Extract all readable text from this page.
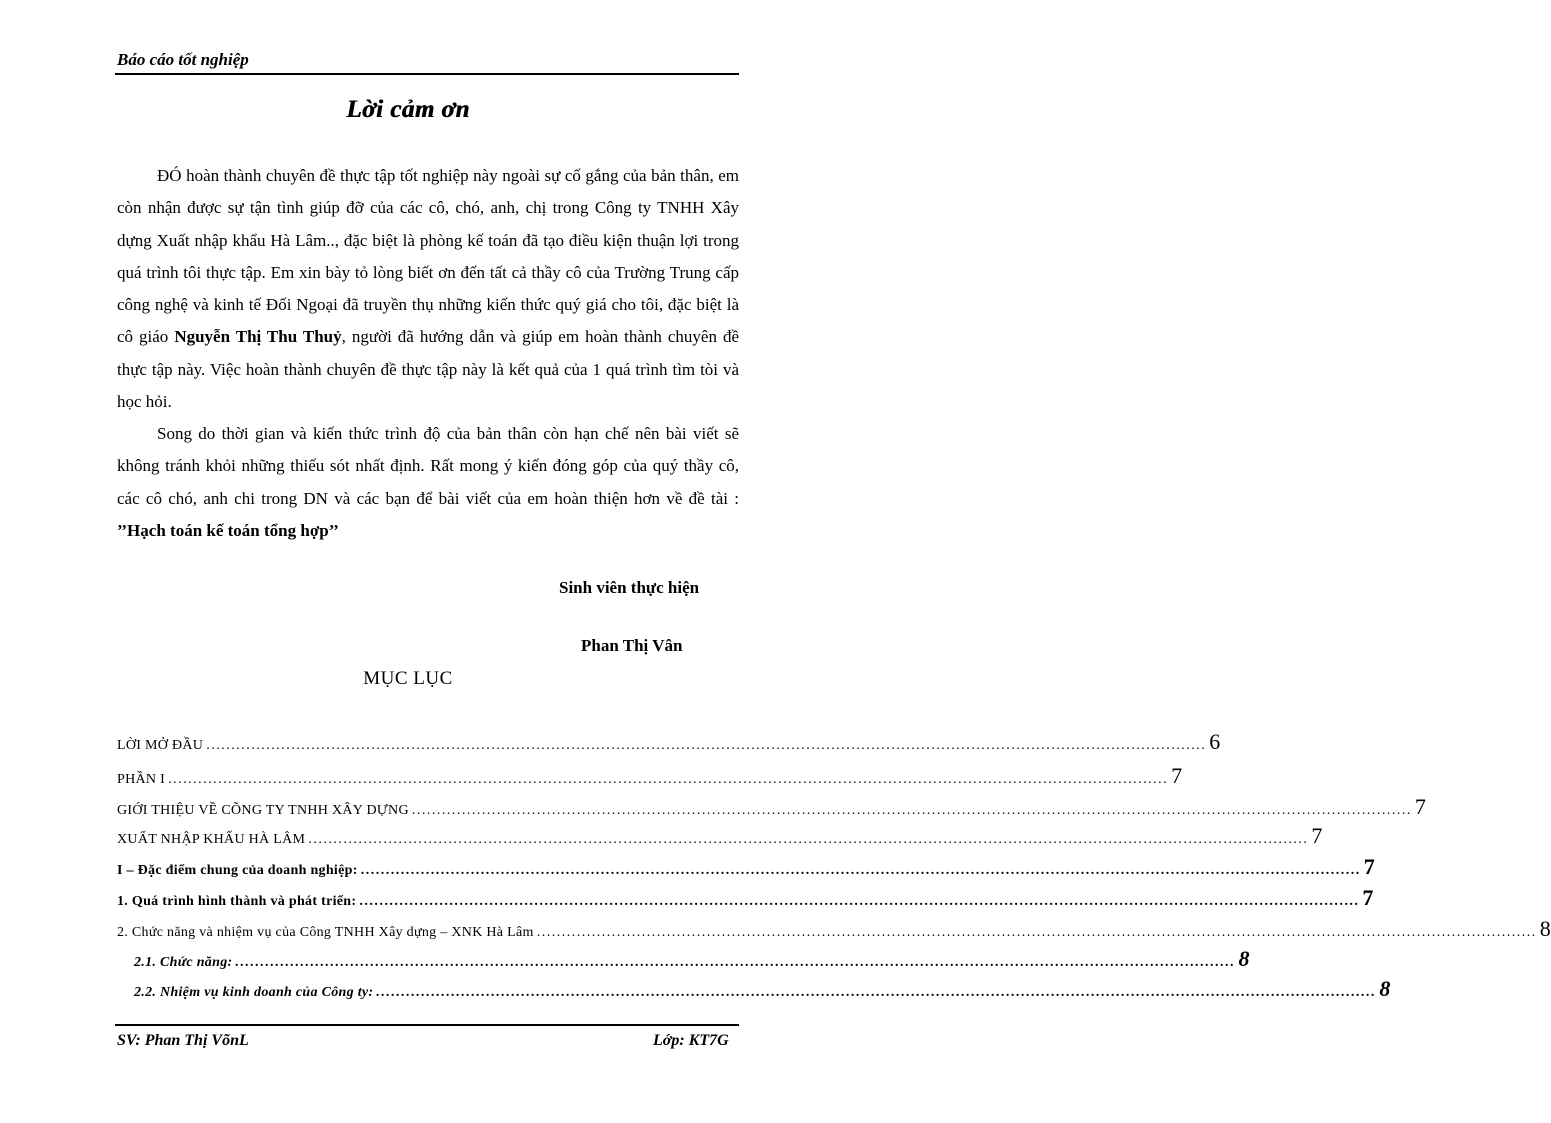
Báo cáo tốt nghiệp
Lời cảm ơn
ĐÓ hoàn thành chuyên đề thực tập tốt nghiệp này ngoài sự cố gắng của bản thân, em còn nhận được sự tận tình giúp đỡ của các cô, chó, anh, chị trong Công ty TNHH Xây dựng Xuất nhập khẩu Hà Lâm.., đặc biệt là phòng kế toán đã tạo điều kiện thuận lợi trong quá trình tôi thực tập. Em xin bày tỏ lòng biết ơn đến tất cả thầy cô của Trường Trung cấp công nghệ và kinh tế Đối Ngoại đã truyền thụ những kiến thức quý giá cho tôi, đặc biệt là cô giáo Nguyễn Thị Thu Thuỷ, người đã hướng dẫn và giúp em hoàn thành chuyên đề thực tập này. Việc hoàn thành chuyên đề thực tập này là kết quả của 1 quá trình tìm tòi và học hỏi.
Song do thời gian và kiến thức trình độ của bản thân còn hạn chế nên bài viết sẽ không tránh khỏi những thiếu sót nhất định. Rất mong ý kiến đóng góp của quý thầy cô, các cô chó, anh chi trong DN và các bạn để bài viết của em hoàn thiện hơn về đề tài : ’’Hạch toán kế toán tổng hợp’’
Sinh viên thực hiện
Phan Thị Vân
MỤC LỤC
LỜI MỞ ĐẦU ........................................................................................................................................................................................................ 6
PHẦN I ........................................................................................................................................................................................................ 7
GIỚI THIỆU VỀ CÕNG TY TNHH XÂY DỰNG ........................................................................................................................................................................................................ 7
XUẤT NHẬP KHẨU HÀ LÂM ........................................................................................................................................................................................................ 7
I – Đặc điểm chung của doanh nghiệp: ........................................................................................................................................................................................................ 7
1. Quá trình hình thành và phát triển: ........................................................................................................................................................................................................ 7
2. Chức năng và nhiệm vụ của Công TNHH Xây dựng – XNK Hà Lâm ........................................................................................................................................................................................................ 8
2.1. Chức năng: ........................................................................................................................................................................................................ 8
2.2. Nhiệm vụ kinh doanh của Công ty: ........................................................................................................................................................................................................ 8
SV: Phan Thị VõnL	Lớp: KT7G
